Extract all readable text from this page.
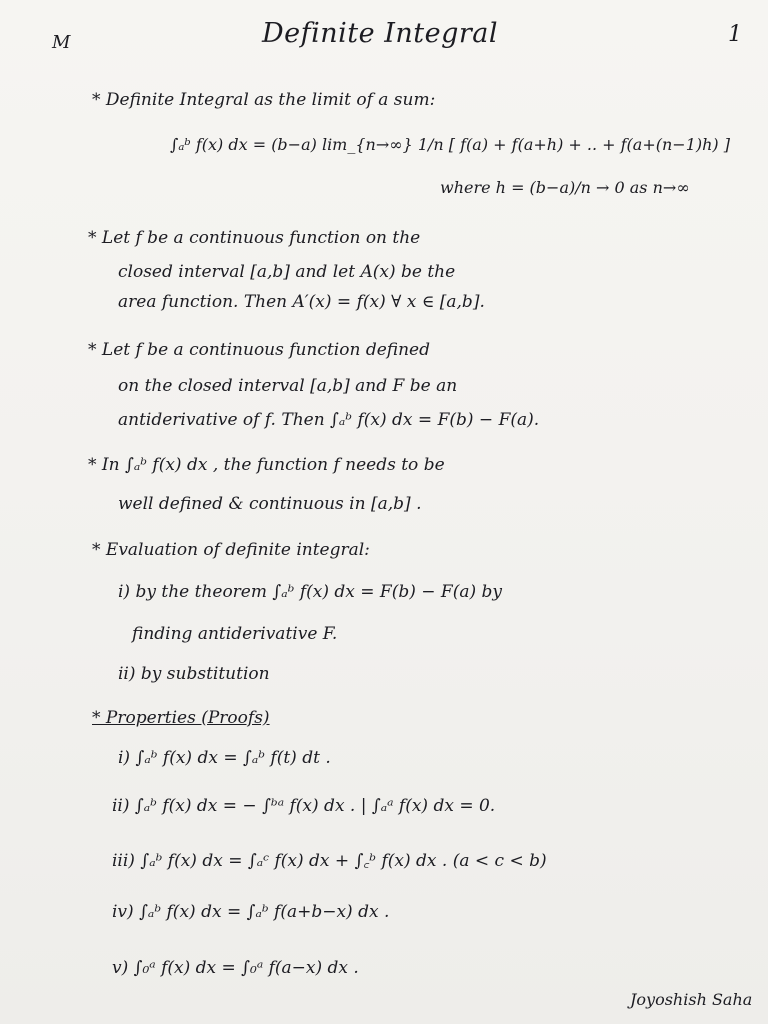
M	Definite Integral	1
* Definite Integral as the limit of a sum:
∫ₐᵇ f(x) dx = (b−a) lim_{n→∞} 1/n [ f(a) + f(a+h) + .. + f(a+(n−1)h) ]
where h = (b−a)/n → 0 as n→∞
* Let f be a continuous function on the
closed interval [a,b] and let A(x) be the
area function. Then A′(x) = f(x) ∀ x ∈ [a,b].
* Let f be a continuous function defined
on the closed interval [a,b] and F be an
antiderivative of f. Then ∫ₐᵇ f(x) dx = F(b) − F(a).
* In ∫ₐᵇ f(x) dx , the function f needs to be
well defined & continuous in [a,b] .
* Evaluation of definite integral:
i) by the theorem ∫ₐᵇ f(x) dx = F(b) − F(a) by
finding antiderivative F.
ii) by substitution
* Properties (Proofs)
i) ∫ₐᵇ f(x) dx = ∫ₐᵇ f(t) dt .
ii) ∫ₐᵇ f(x) dx = − ∫ᵇᵃ f(x) dx . | ∫ₐᵃ f(x) dx = 0.
iii) ∫ₐᵇ f(x) dx = ∫ₐᶜ f(x) dx + ∫꜀ᵇ f(x) dx . (a < c < b)
iv) ∫ₐᵇ f(x) dx = ∫ₐᵇ f(a+b−x) dx .
v) ∫₀ᵃ f(x) dx = ∫₀ᵃ f(a−x) dx .
Joyoshish Saha
